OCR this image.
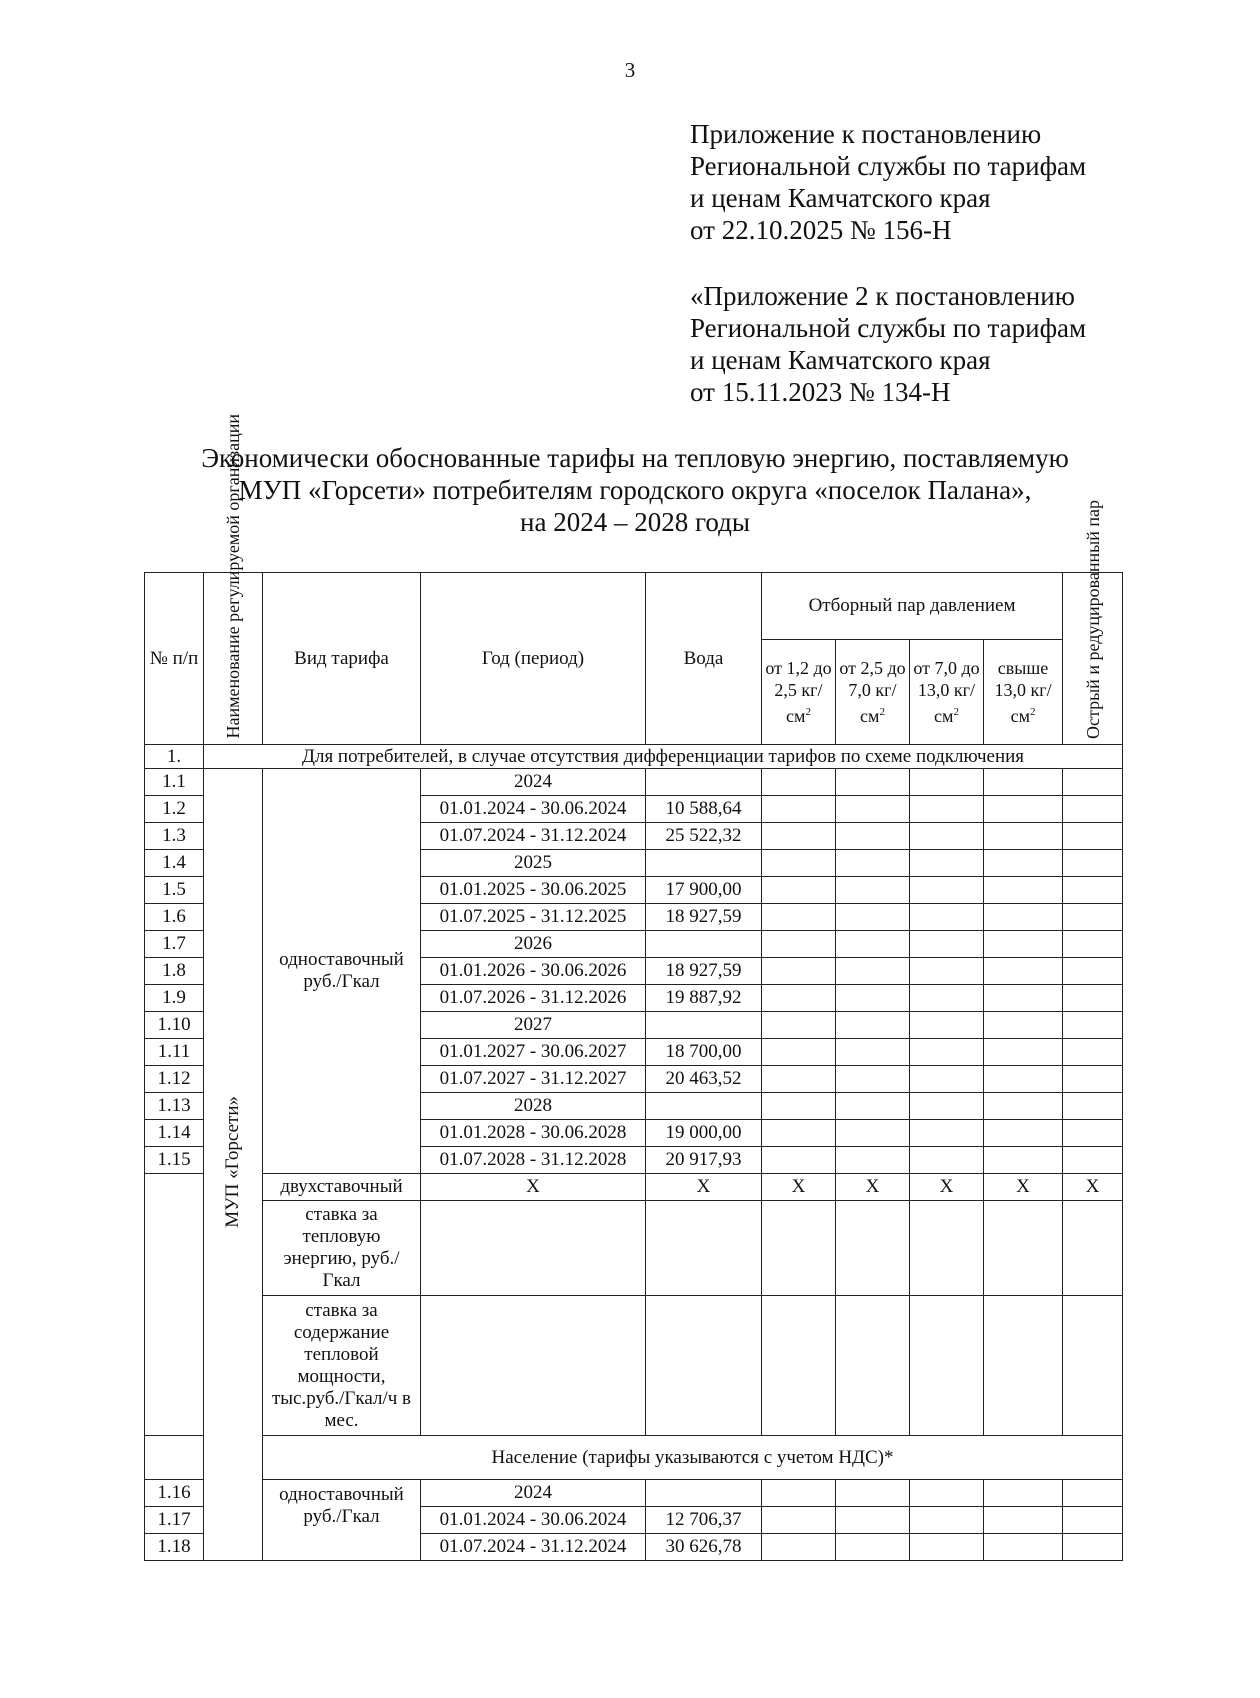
3
Приложение к постановлению
Региональной службы по тарифам
и ценам Камчатского края
от 22.10.2025 № 156-Н
«Приложение 2 к постановлению
Региональной службы по тарифам
и ценам Камчатского края
от 15.11.2023 № 134-Н
Экономически обоснованные тарифы на тепловую энергию, поставляемую
МУП «Горсети» потребителям городского округа «поселок Палана»,
на 2024 – 2028 годы
№ п/п	Наименование регулируемой организации	Вид тарифа	Год (период)	Вода	Отборный пар давлением				Острый и редуцированный пар

					от 1,2 до 2,5 $кг/см^2$	от 2,5 до 7,0 $кг/см^2$	от 7,0 до 13,0 $кг/см^2$	свыше 13,0 $кг/см^2$
1.	Для потребителей, в случае отсутствия дифференциации тарифов по схеме подключения								
1.1	МУП «Горсети»	одноставочный руб./Гкал	2024						
1.2			01.01.2024 - 30.06.2024	10 588,64					
1.3			01.07.2024 - 31.12.2024	25 522,32					
1.4			2025						
1.5			01.01.2025 - 30.06.2025	17 900,00					
1.6			01.07.2025 - 31.12.2025	18 927,59					
1.7			2026						
1.8			01.01.2026 - 30.06.2026	18 927,59					
1.9			01.07.2026 - 31.12.2026	19 887,92					
1.10			2027						
1.11			01.01.2027 - 30.06.2027	18 700,00					
1.12			01.07.2027 - 31.12.2027	20 463,52					
1.13			2028						
1.14			01.01.2028 - 30.06.2028	19 000,00					
1.15			01.07.2028 - 31.12.2028	20 917,93					
		двухставочный	Х	Х	Х	Х	Х	Х	Х
		ставка за тепловую энергию, руб./Гкал							
		ставка за содержание тепловой мощности, тыс.руб./Гкал/ч в мес.							
		Население (тарифы указываются с учетом НДС)*							
1.16		одноставочный руб./Гкал	2024						
1.17			01.01.2024 - 30.06.2024	12 706,37					
1.18			01.07.2024 - 31.12.2024	30 626,78					
